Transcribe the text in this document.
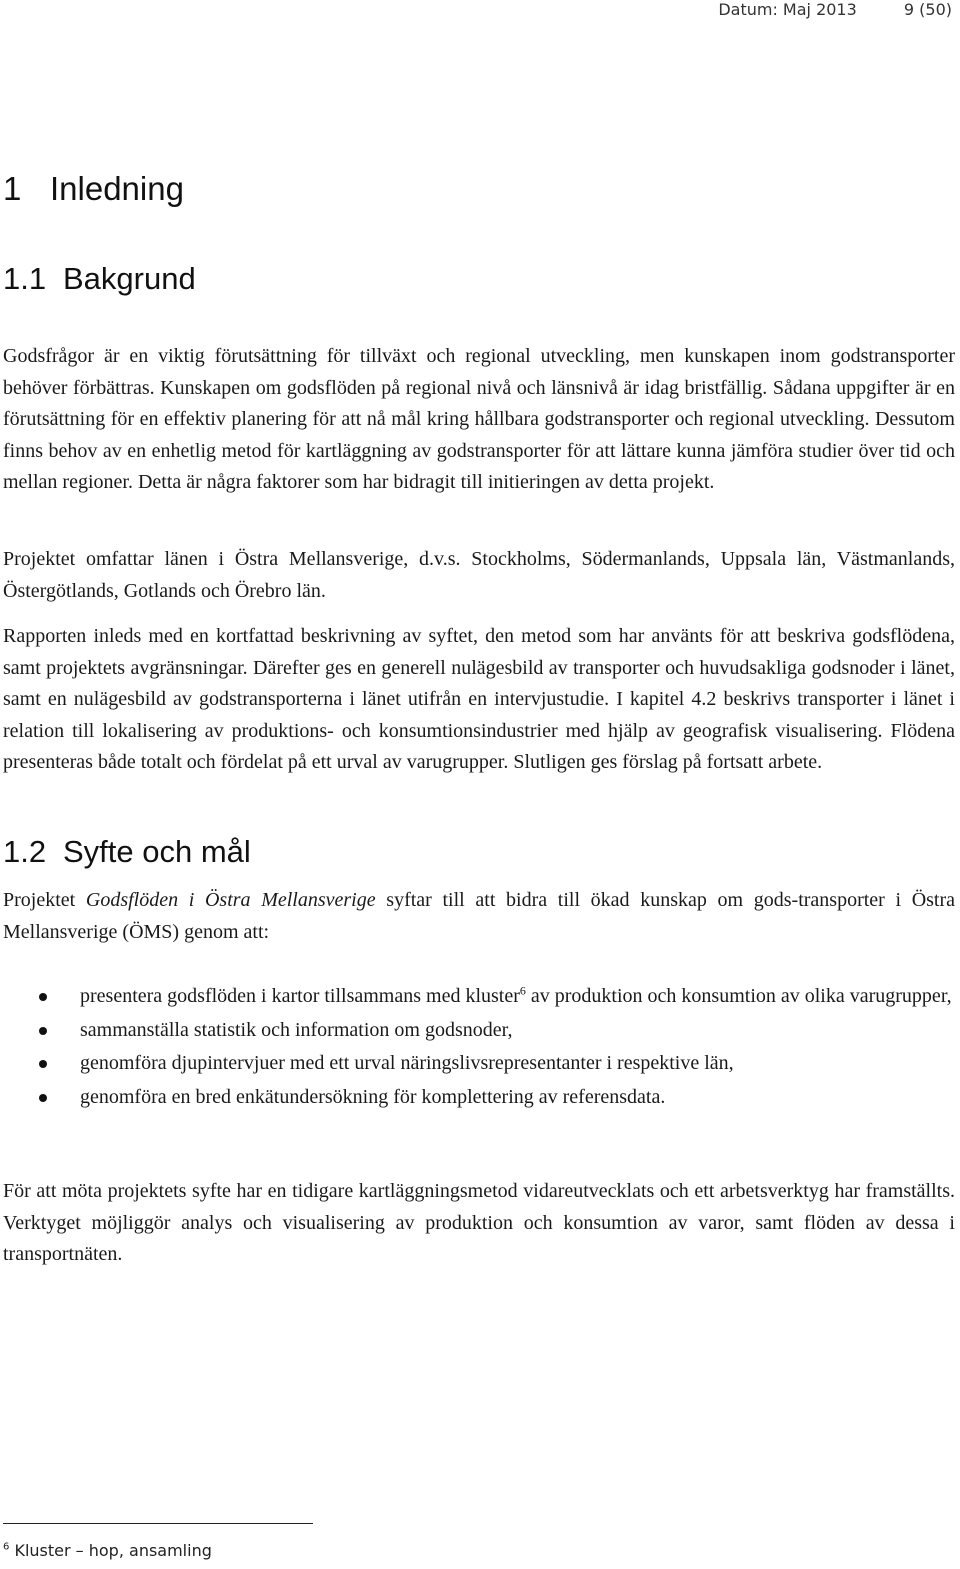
Datum: Maj 2013	9 (50)
1 Inledning
1.1 Bakgrund

Godsfrågor är en viktig förutsättning för tillväxt och regional utveckling, men kunskapen inom godstransporter behöver förbättras. Kunskapen om godsflöden på regional nivå och länsnivå är idag bristfällig. Sådana uppgifter är en förutsättning för en effektiv planering för att nå mål kring hållbara godstransporter och regional utveckling. Dessutom finns behov av en enhetlig metod för kartläggning av godstransporter för att lättare kunna jämföra studier över tid och mellan regioner. Detta är några faktorer som har bidragit till initieringen av detta projekt.

Projektet omfattar länen i Östra Mellansverige, d.v.s. Stockholms, Södermanlands, Uppsala län, Västmanlands, Östergötlands, Gotlands och Örebro län.

Rapporten inleds med en kortfattad beskrivning av syftet, den metod som har använts för att beskriva godsflödena, samt projektets avgränsningar. Därefter ges en generell nulägesbild av transporter och huvudsakliga godsnoder i länet, samt en nulägesbild av godstransporterna i länet utifrån en intervjustudie. I kapitel 4.2 beskrivs transporter i länet i relation till lokalisering av produktions- och konsumtionsindustrier med hjälp av geografisk visualisering. Flödena presenteras både totalt och fördelat på ett urval av varugrupper. Slutligen ges förslag på fortsatt arbete.

1.2 Syfte och mål

Projektet Godsflöden i Östra Mellansverige syftar till att bidra till ökad kunskap om gods-transporter i Östra Mellansverige (ÖMS) genom att:

presentera godsflöden i kartor tillsammans med kluster$^6$ av produktion och konsumtion av olika varugrupper,
sammanställa statistik och information om godsnoder,
genomföra djupintervjuer med ett urval näringslivsrepresentanter i respektive län,
genomföra en bred enkätundersökning för komplettering av referensdata.

För att möta projektets syfte har en tidigare kartläggningsmetod vidareutvecklats och ett arbetsverktyg har framställts. Verktyget möjliggör analys och visualisering av produktion och konsumtion av varor, samt flöden av dessa i transportnäten.

$^6$ Kluster – hop, ansamling
